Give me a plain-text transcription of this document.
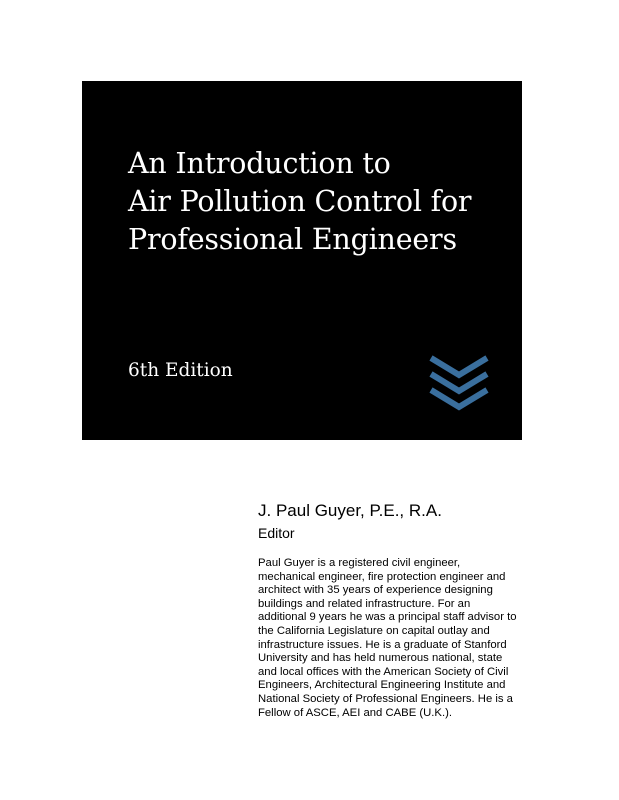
An Introduction to
Air Pollution Control for
Professional Engineers
6th Edition
J. Paul Guyer, P.E., R.A.
Editor

Paul Guyer is a registered civil engineer,
mechanical engineer, fire protection engineer and
architect with 35 years of experience designing
buildings and related infrastructure. For an
additional 9 years he was a principal staff advisor to
the California Legislature on capital outlay and
infrastructure issues. He is a graduate of Stanford
University and has held numerous national, state
and local offices with the American Society of Civil
Engineers, Architectural Engineering Institute and
National Society of Professional Engineers. He is a
Fellow of ASCE, AEI and CABE (U.K.).
